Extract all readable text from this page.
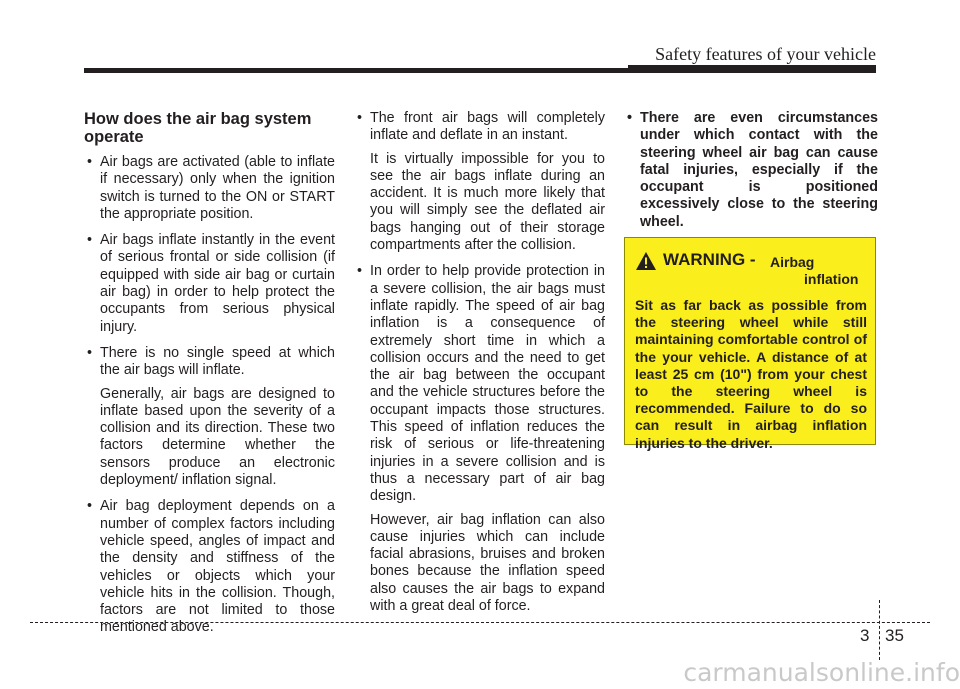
Safety features of your vehicle
How does the air bag system operate
• Air bags are activated (able to inflate if necessary) only when the ignition switch is turned to the ON or START the appropriate position.
• Air bags inflate instantly in the event of serious frontal or side collision (if equipped with side air bag or curtain air bag) in order to help protect the occupants from serious physical injury.
• There is no single speed at which the air bags will inflate.
Generally, air bags are designed to inflate based upon the severity of a collision and its direction. These two factors determine whether the sensors produce an electronic deployment/ inflation signal.
• Air bag deployment depends on a number of complex factors including vehicle speed, angles of impact and the density and stiffness of the vehicles or objects which your vehicle hits in the collision. Though, factors are not limited to those mentioned above.
• The front air bags will completely inflate and deflate in an instant.
It is virtually impossible for you to see the air bags inflate during an accident. It is much more likely that you will simply see the deflated air bags hanging out of their storage compartments after the collision.
• In order to help provide protection in a severe collision, the air bags must inflate rapidly. The speed of air bag inflation is a consequence of extremely short time in which a collision occurs and the need to get the air bag between the occupant and the vehicle structures before the occupant impacts those structures. This speed of inflation reduces the risk of serious or life-threatening injuries in a severe collision and is thus a necessary part of air bag design.
However, air bag inflation can also cause injuries which can include facial abrasions, bruises and broken bones because the inflation speed also causes the air bags to expand with a great deal of force.
• There are even circumstances under which contact with the steering wheel air bag can cause fatal injuries, especially if the occupant is positioned excessively close to the steering wheel.
WARNING - Airbag
inflation
Sit as far back as possible from the steering wheel while still maintaining comfortable control of the your vehicle. A distance of at least 25 cm (10") from your chest to the steering wheel is recommended. Failure to do so can result in airbag inflation injuries to the driver.
3 35
carmanualsonline.info
